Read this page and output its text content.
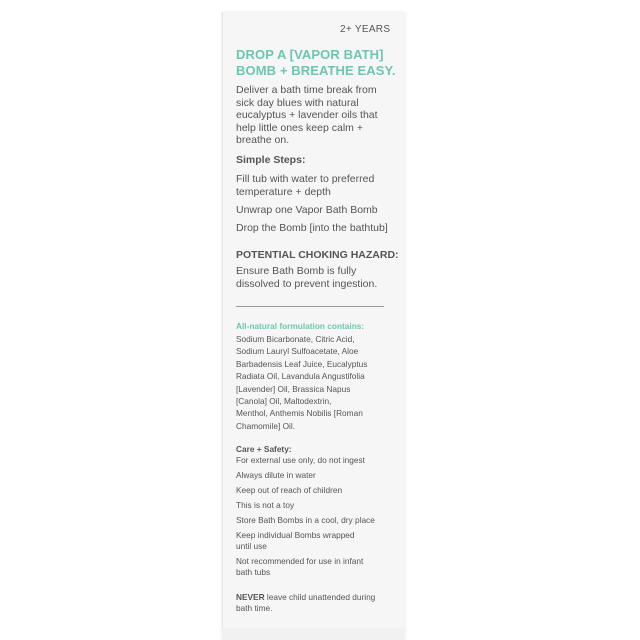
2+ YEARS
DROP A [VAPOR BATH]
BOMB + BREATHE EASY.
Deliver a bath time break from
sick day blues with natural
eucalyptus + lavender oils that
help little ones keep calm +
breathe on.
Simple Steps:
Fill tub with water to preferred
temperature + depth
Unwrap one Vapor Bath Bomb
Drop the Bomb [into the bathtub]
POTENTIAL CHOKING HAZARD:
Ensure Bath Bomb is fully
dissolved to prevent ingestion.
All-natural formulation contains:
Sodium Bicarbonate, Citric Acid,
Sodium Lauryl Sulfoacetate, Aloe
Barbadensis Leaf Juice, Eucalyptus
Radiata Oil, Lavandula Angustifolia
[Lavender] Oil, Brassica Napus
[Canola] Oil, Maltodextrin,
Menthol, Anthemis Nobilis [Roman
Chamomile] Oil.
Care + Safety:
For external use only, do not ingest
Always dilute in water
Keep out of reach of children
This is not a toy
Store Bath Bombs in a cool, dry place
Keep individual Bombs wrapped
until use
Not recommended for use in infant
bath tubs
NEVER leave child unattended during
bath time.
